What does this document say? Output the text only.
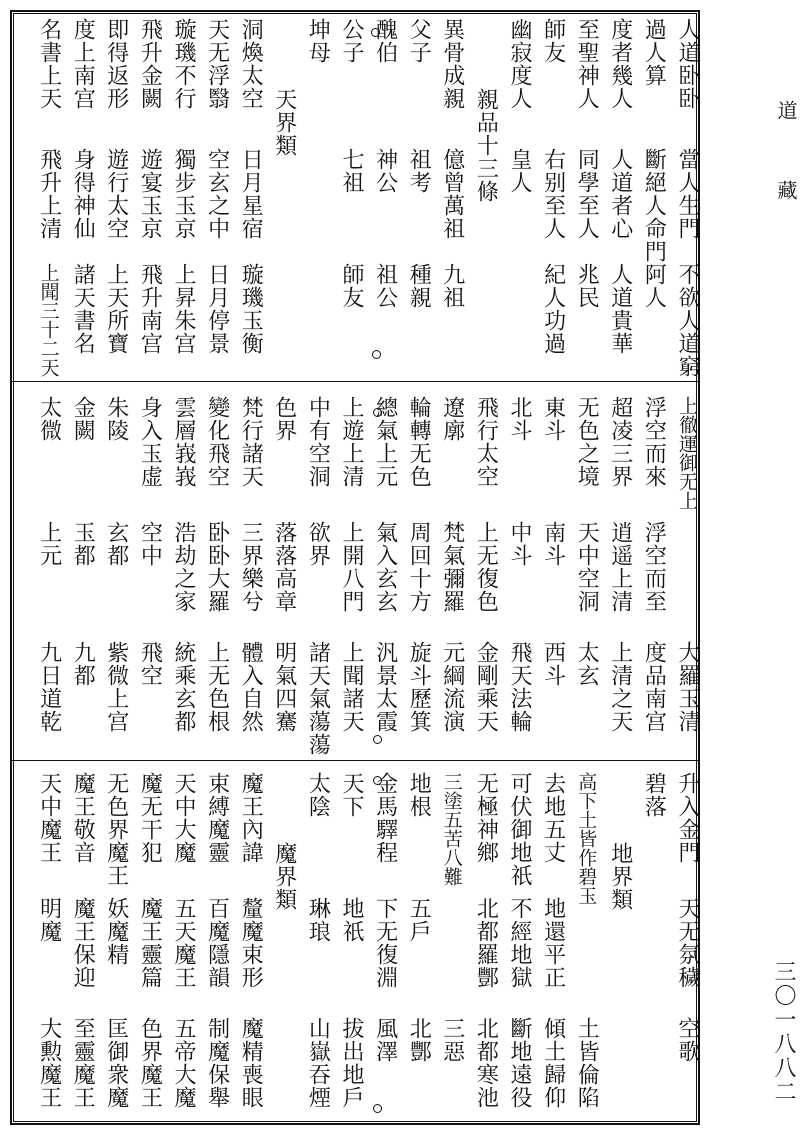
道
藏
三〇一八八二
人道卧卧
當人生門
不欲人道窮
過人算
斷絕人命門
阿人
度者幾人
人道者心
人道貴華
至聖神人
同學至人
兆民
師友
右别至人
紀人功過
幽寂度人
皇人
親品十三條
異骨成親
億曾萬祖
九祖
父子
祖考
種親
醜伯
神公
祖公
公子
七祖
師友
坤母
天界類
洞煥太空
日月星宿
璇璣玉衡
天无浮翳
空玄之中
日月停景
璇璣不行
獨步玉京
上昇朱宫
飛升金闕
遊宴玉京
飛升南宫
即得返形
遊行太空
上天所寶
度上南宫
身得神仙
諸天書名
名書上天
飛升上清
上聞三十二天
上徹運御无上
大羅玉清
浮空而來
浮空而至
度品南宫
超凌三界
逍遥上清
上清之天
无色之境
天中空洞
太玄
東斗
南斗
西斗
北斗
中斗
飛天法輪
飛行太空
上无復色
金剛乘天
遼廓
梵氣彌羅
元綱流演
輪轉无色
周回十方
旋斗歷箕
總氣上元
氣入玄玄
汎景太霞
上遊上清
上開八門
上聞諸天
中有空洞
欲界
諸天氣蕩蕩
色界
落落高章
明氣四騫
梵行諸天
三界樂兮
體入自然
變化飛空
卧卧大羅
上无色根
雲層峩峩
浩劫之家
統乘玄都
身入玉虚
空中
飛空
朱陵
玄都
紫微上宫
金闕
玉都
九都
太微
上元
九日道乾
升入金門
天无氛穢
空歌
碧落
地界類
高下土皆作碧玉
土皆倫陷
去地五丈
地還平正
傾土歸仰
可伏御地祇
不經地獄
斷地遠役
无極神鄉
北都羅酆
北都寒池
三塗五苦八難
三惡
地根
五戶
北酆
金馬驛程
下无復淵
風澤
天下
地祇
拔出地戶
太陰
琳琅
山嶽吞煙
魔界類
魔王內諱
釐魔束形
魔精喪眼
束縛魔靈
百魔隱韻
制魔保舉
天中大魔
五天魔王
五帝大魔
魔无干犯
魔王靈篇
色界魔王
无色界魔王
妖魔精
匡御衆魔
魔王敬音
魔王保迎
至靈魔王
天中魔王
明魔
大勲魔王
